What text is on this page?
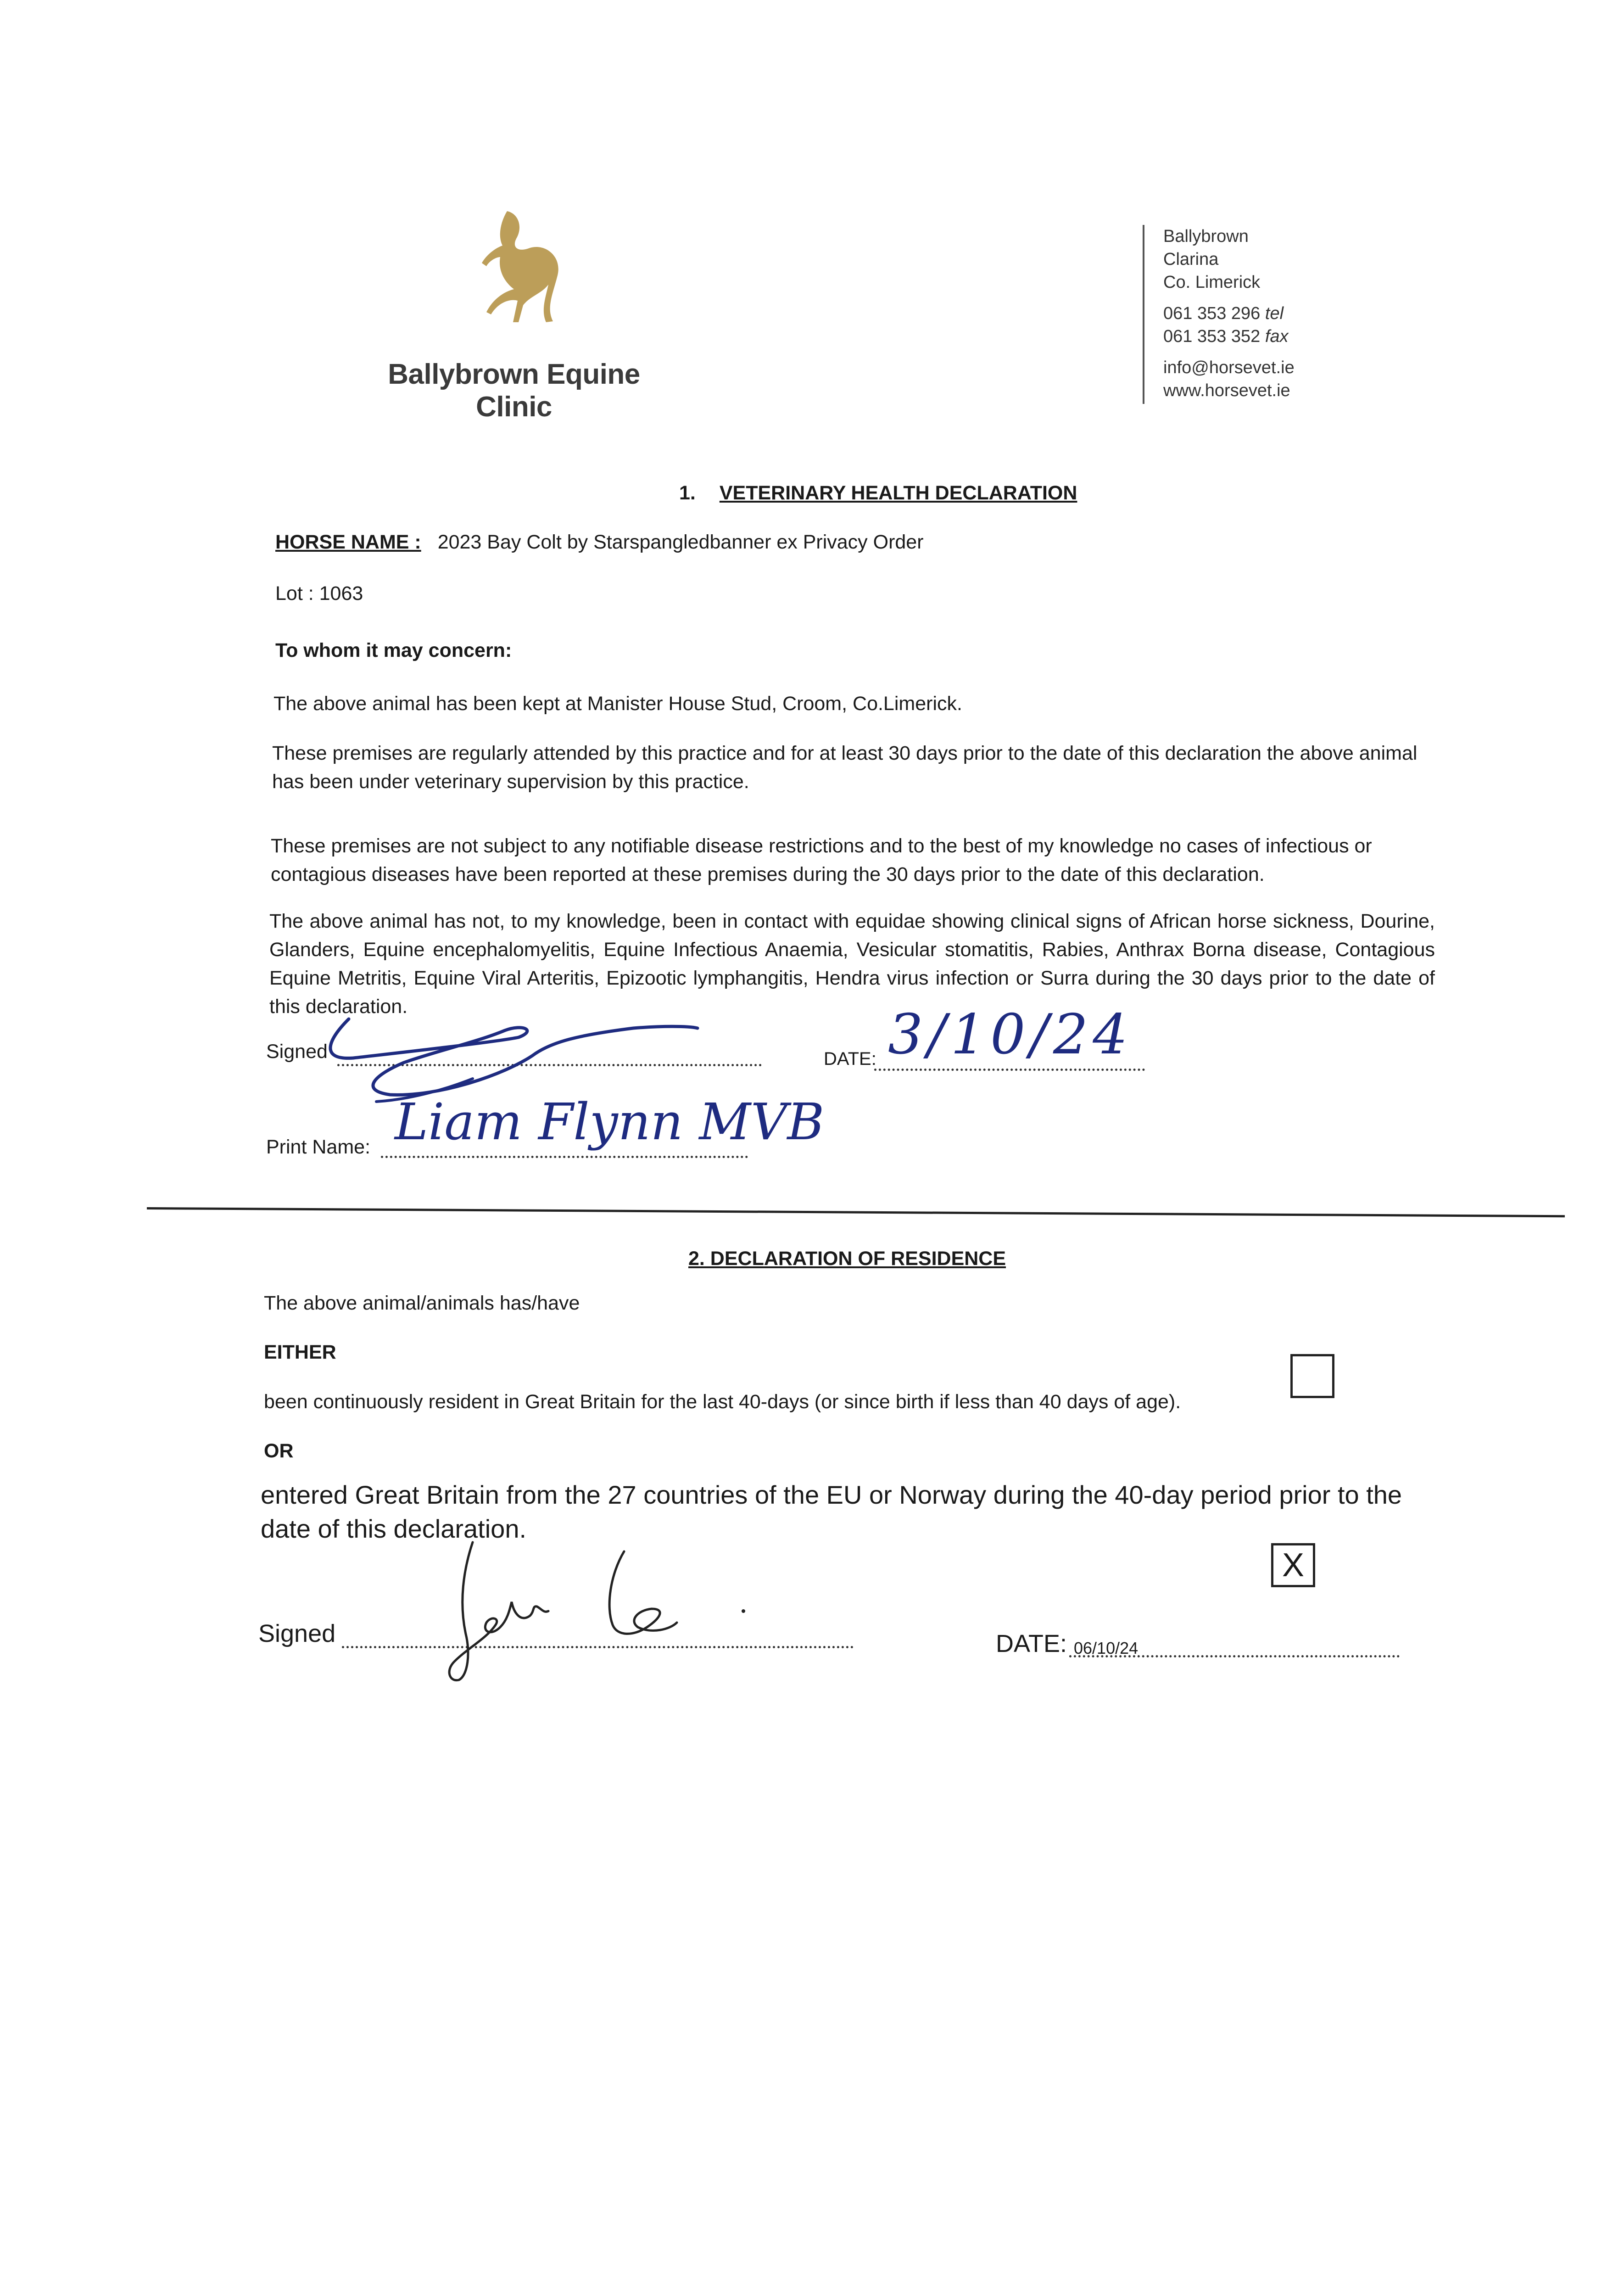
Ballybrown Equine Clinic
Ballybrown
Clarina
Co. Limerick
061 353 296 tel
061 353 352 fax
info@horsevet.ie
www.horsevet.ie
1. VETERINARY HEALTH DECLARATION
HORSE NAME : 2023 Bay Colt by Starspangledbanner ex Privacy Order
Lot : 1063
To whom it may concern:
The above animal has been kept at Manister House Stud, Croom, Co.Limerick.
These premises are regularly attended by this practice and for at least 30 days prior to the date of this declaration the above animal has been under veterinary supervision by this practice.
These premises are not subject to any notifiable disease restrictions and to the best of my knowledge no cases of infectious or contagious diseases have been reported at these premises during the 30 days prior to the date of this declaration.
The above animal has not, to my knowledge, been in contact with equidae showing clinical signs of African horse sickness, Dourine, Glanders, Equine encephalomyelitis, Equine Infectious Anaemia, Vesicular stomatitis, Rabies, Anthrax Borna disease, Contagious Equine Metritis, Equine Viral Arteritis, Epizootic lymphangitis, Hendra virus infection or Surra during the 30 days prior to the date of this declaration.
Signed	DATE: 3/10/24
Print Name: Liam Flynn MVB
2. DECLARATION OF RESIDENCE
The above animal/animals has/have
EITHER
been continuously resident in Great Britain for the last 40-days (or since birth if less than 40 days of age).
OR
entered Great Britain from the 27 countries of the EU or Norway during the 40-day period prior to the date of this declaration.
X
Signed	DATE: 06/10/24
